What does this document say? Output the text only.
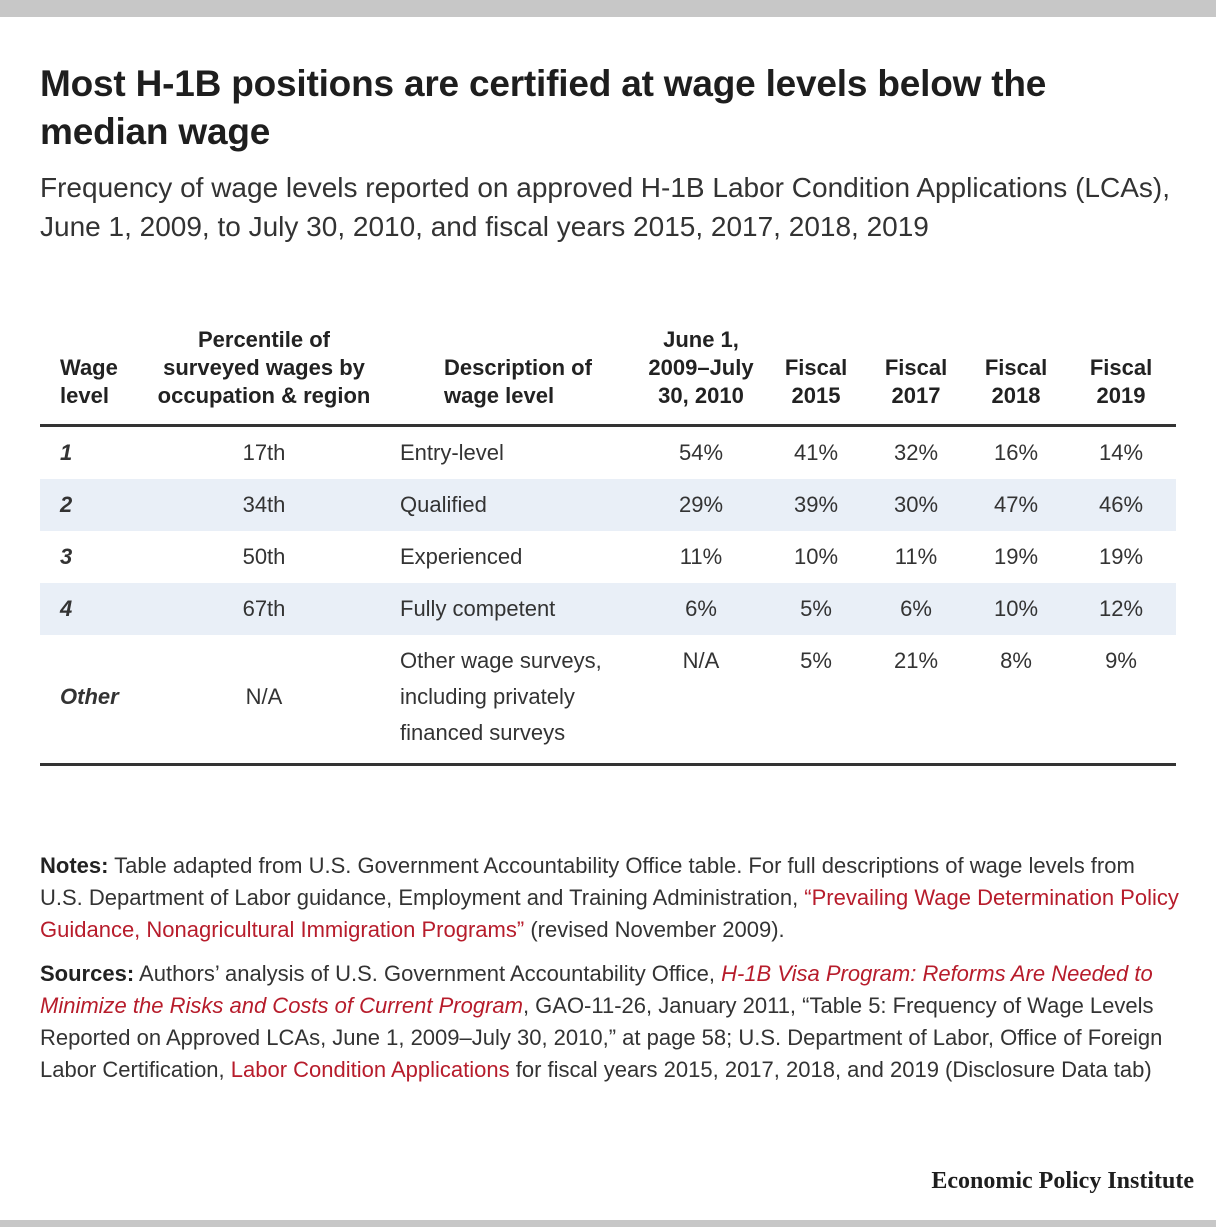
Most H-1B positions are certified at wage levels below the median wage
Frequency of wage levels reported on approved H-1B Labor Condition Applications (LCAs), June 1, 2009, to July 30, 2010, and fiscal years 2015, 2017, 2018, 2019
Wage level	Percentile of surveyed wages by occupation & region	Description of wage level	June 1, 2009–July 30, 2010	Fiscal 2015	Fiscal 2017	Fiscal 2018	Fiscal 2019
1	17th	Entry-level	54%	41%	32%	16%	14%
2	34th	Qualified	29%	39%	30%	47%	46%
3	50th	Experienced	11%	10%	11%	19%	19%
4	67th	Fully competent	6%	5%	6%	10%	12%
Other	N/A	Other wage surveys, including privately financed surveys	N/A	5%	21%	8%	9%

Notes: Table adapted from U.S. Government Accountability Office table. For full descriptions of wage levels from U.S. Department of Labor guidance, Employment and Training Administration, “Prevailing Wage Determination Policy Guidance, Nonagricultural Immigration Programs” (revised November 2009).

Sources: Authors’ analysis of U.S. Government Accountability Office, H-1B Visa Program: Reforms Are Needed to Minimize the Risks and Costs of Current Program, GAO-11-26, January 2011, “Table 5: Frequency of Wage Levels Reported on Approved LCAs, June 1, 2009–July 30, 2010,” at page 58; U.S. Department of Labor, Office of Foreign Labor Certification, Labor Condition Applications for fiscal years 2015, 2017, 2018, and 2019 (Disclosure Data tab)

Economic Policy Institute
